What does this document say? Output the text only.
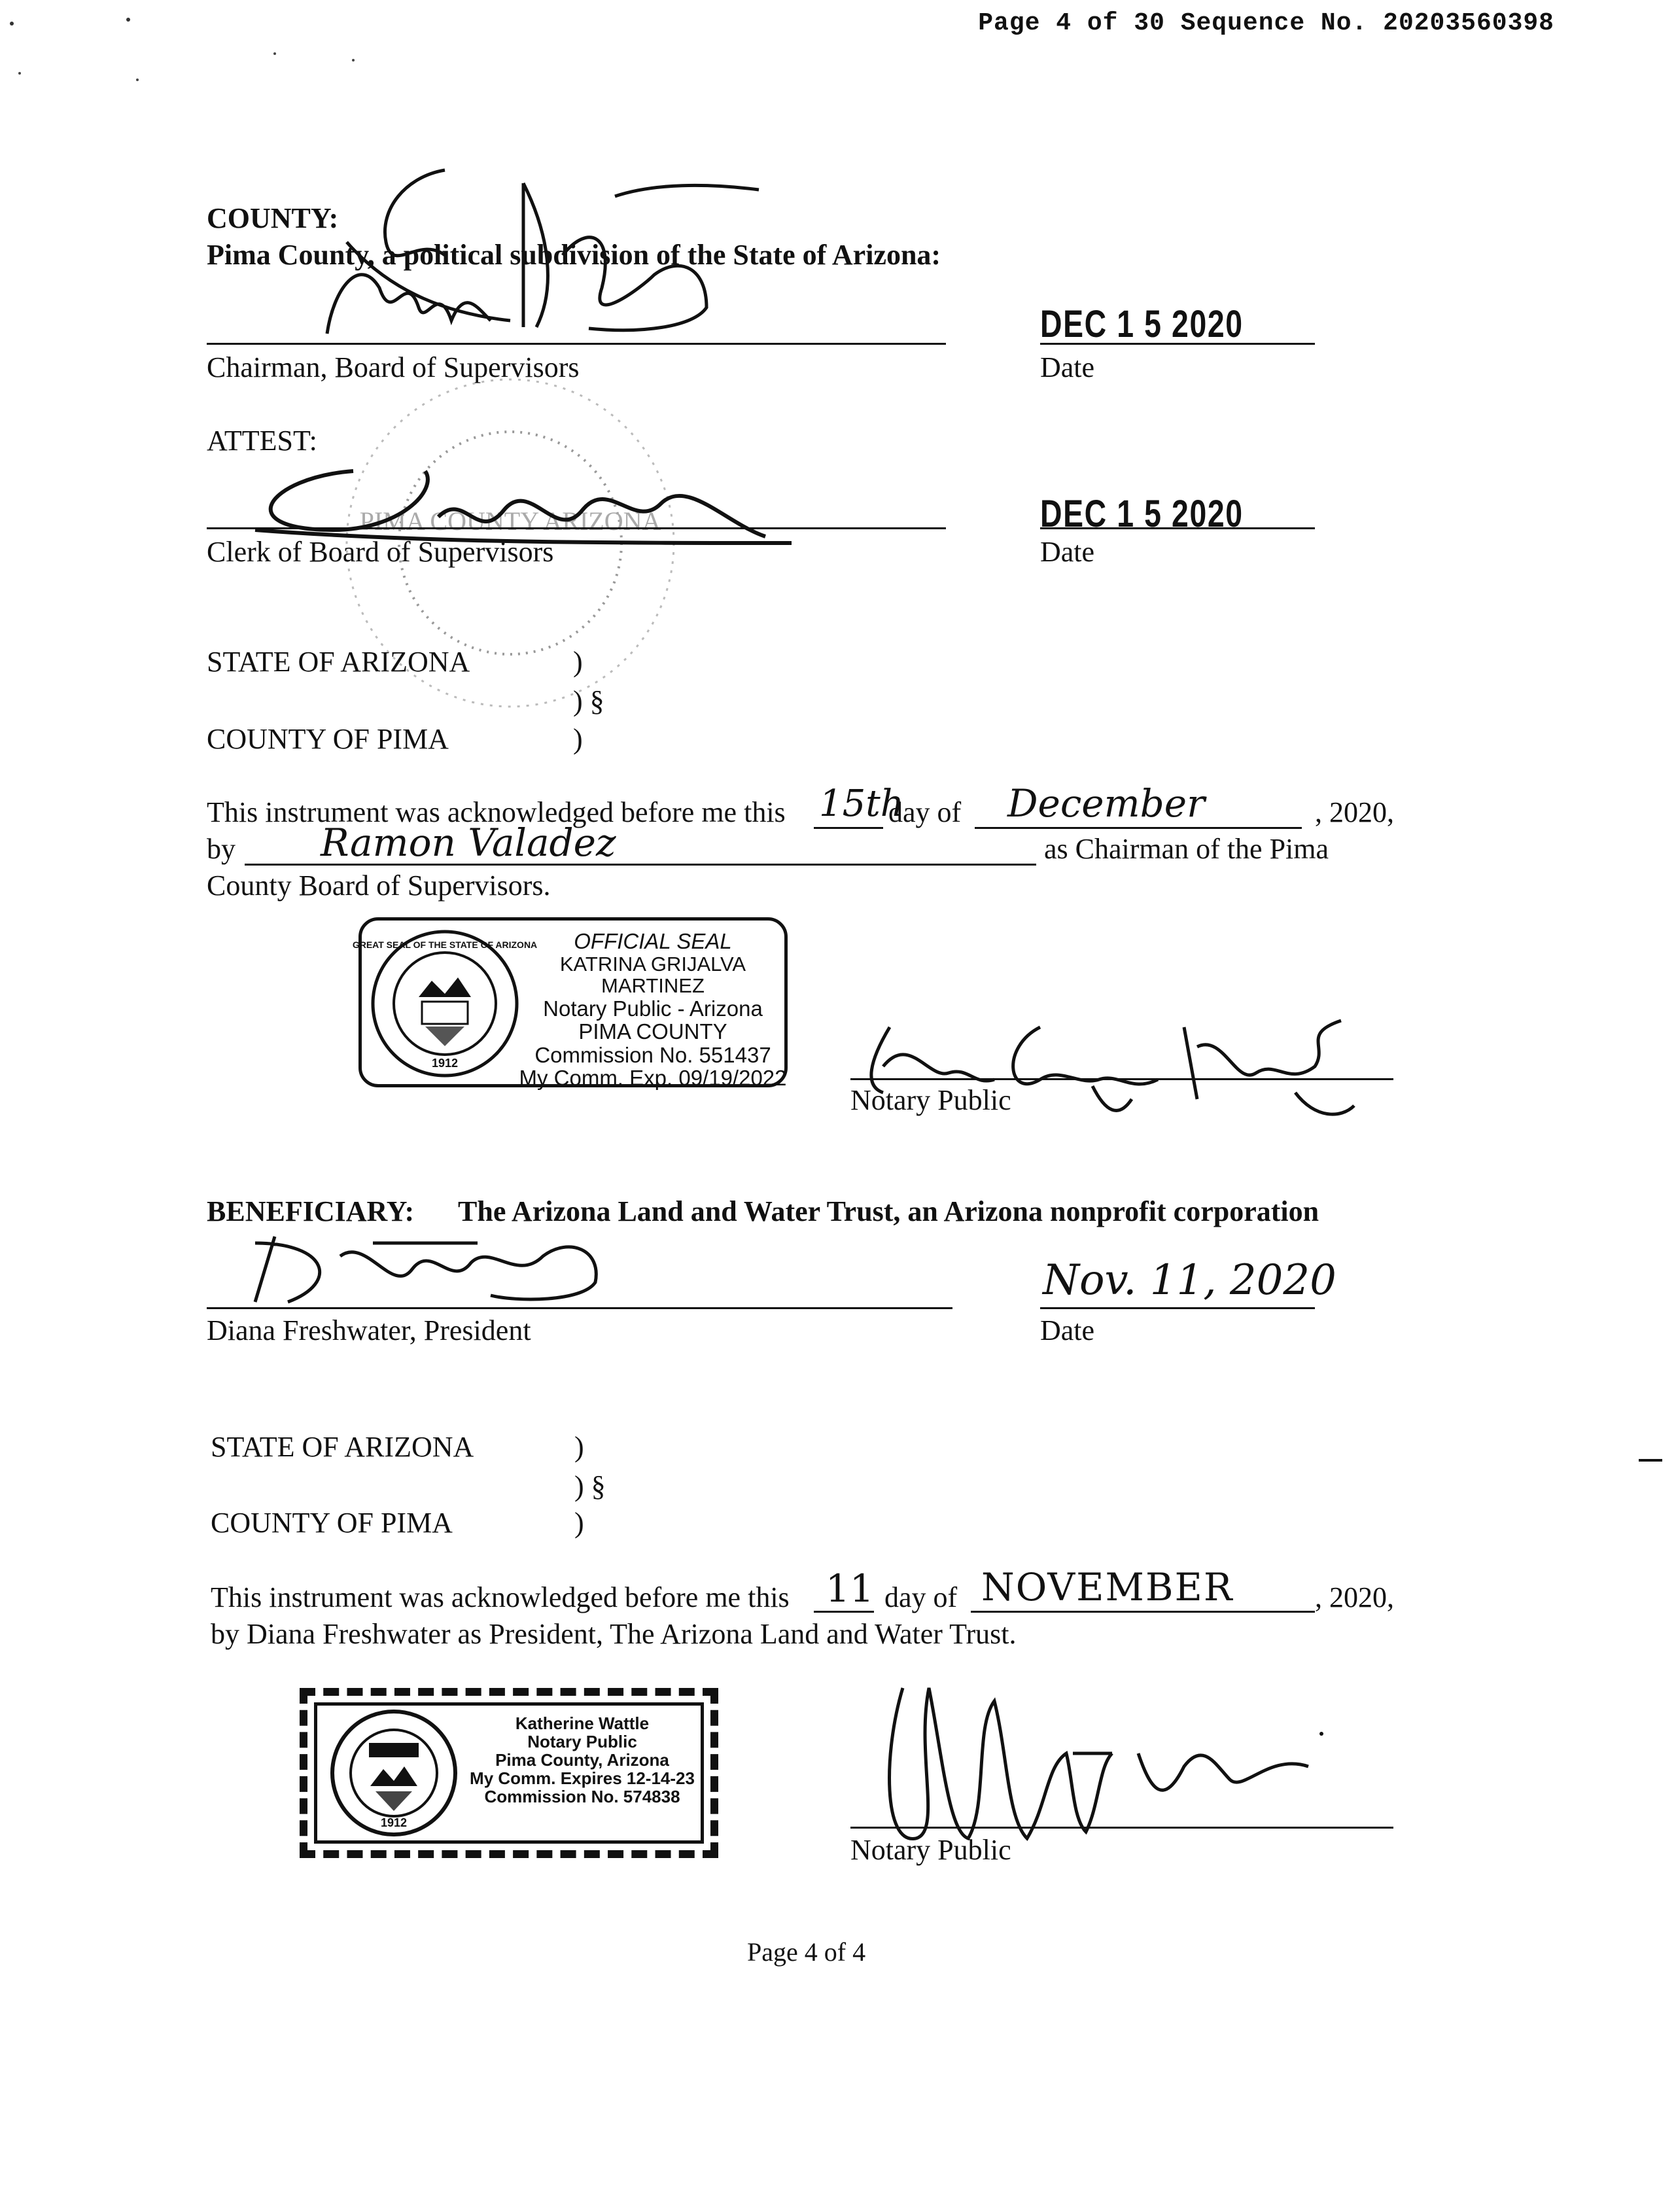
Page 4 of 30 Sequence No. 20203560398
COUNTY:
Pima County, a political subdivision of the State of Arizona:
Chairman, Board of Supervisors
DEC 1 5 2020
Date
ATTEST:
PIMA COUNTY ARIZONA
Clerk of Board of Supervisors
DEC 1 5 2020
Date
STATE OF ARIZONA	)
) §
COUNTY OF PIMA	)
This instrument was acknowledged before me this 15th
day of December	, 2020,
by Ramon Valadez	as Chairman of the Pima
County Board of Supervisors.
1912
GREAT SEAL OF THE STATE OF ARIZONA	OFFICIAL SEAL
KATRINA GRIJALVA MARTINEZ
Notary Public - Arizona
PIMA COUNTY
Commission No. 551437
My Comm. Exp. 09/19/2022
Notary Public
BENEFICIARY: The Arizona Land and Water Trust, an Arizona nonprofit corporation
Diana Freshwater, President
Nov. 11, 2020
Date
STATE OF ARIZONA	)
) §
COUNTY OF PIMA	)
This instrument was acknowledged before me this 11 day of NOVEMBER	, 2020,
by Diana Freshwater as President, The Arizona Land and Water Trust.
1912
Katherine Wattle
Notary Public
Pima County, Arizona
My Comm. Expires 12-14-23
Commission No. 574838
Notary Public
Page 4 of 4
